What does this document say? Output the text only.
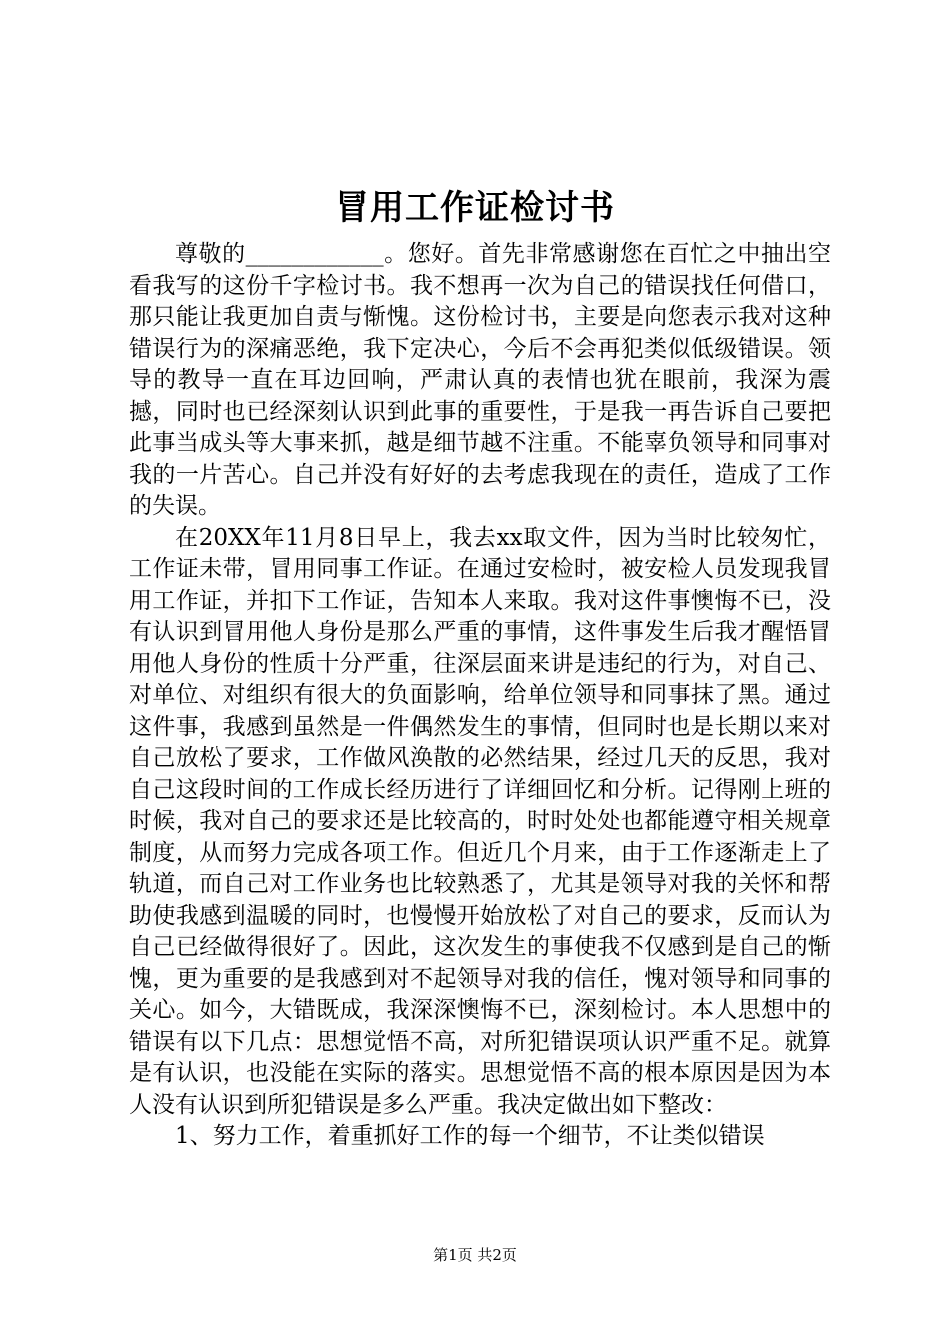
冒用工作证检讨书

尊敬的____________。您好。首先非常感谢您在百忙之中抽出空看我写的这份千字检讨书。我不想再一次为自己的错误找任何借口，那只能让我更加自责与惭愧。这份检讨书，主要是向您表示我对这种错误行为的深痛恶绝，我下定决心，今后不会再犯类似低级错误。领导的教导一直在耳边回响，严肃认真的表情也犹在眼前，我深为震撼，同时也已经深刻认识到此事的重要性，于是我一再告诉自己要把此事当成头等大事来抓，越是细节越不注重。不能辜负领导和同事对我的一片苦心。自己并没有好好的去考虑我现在的责任，造成了工作的失误。

在20XX年11月8日早上，我去xx取文件，因为当时比较匆忙，工作证未带，冒用同事工作证。在通过安检时，被安检人员发现我冒用工作证，并扣下工作证，告知本人来取。我对这件事懊悔不已，没有认识到冒用他人身份是那么严重的事情，这件事发生后我才醒悟冒用他人身份的性质十分严重，往深层面来讲是违纪的行为，对自己、对单位、对组织有很大的负面影响，给单位领导和同事抹了黑。通过这件事，我感到虽然是一件偶然发生的事情，但同时也是长期以来对自己放松了要求，工作做风涣散的必然结果，经过几天的反思，我对自己这段时间的工作成长经历进行了详细回忆和分析。记得刚上班的时候，我对自己的要求还是比较高的，时时处处也都能遵守相关规章制度，从而努力完成各项工作。但近几个月来，由于工作逐渐走上了轨道，而自己对工作业务也比较熟悉了，尤其是领导对我的关怀和帮助使我感到温暖的同时，也慢慢开始放松了对自己的要求，反而认为自己已经做得很好了。因此，这次发生的事使我不仅感到是自己的惭愧，更为重要的是我感到对不起领导对我的信任，愧对领导和同事的关心。如今，大错既成，我深深懊悔不已，深刻检讨。本人思想中的错误有以下几点：思想觉悟不高，对所犯错误项认识严重不足。就算是有认识，也没能在实际的落实。思想觉悟不高的根本原因是因为本人没有认识到所犯错误是多么严重。我决定做出如下整改：

1、努力工作，着重抓好工作的每一个细节，不让类似错误

第1页 共2页
